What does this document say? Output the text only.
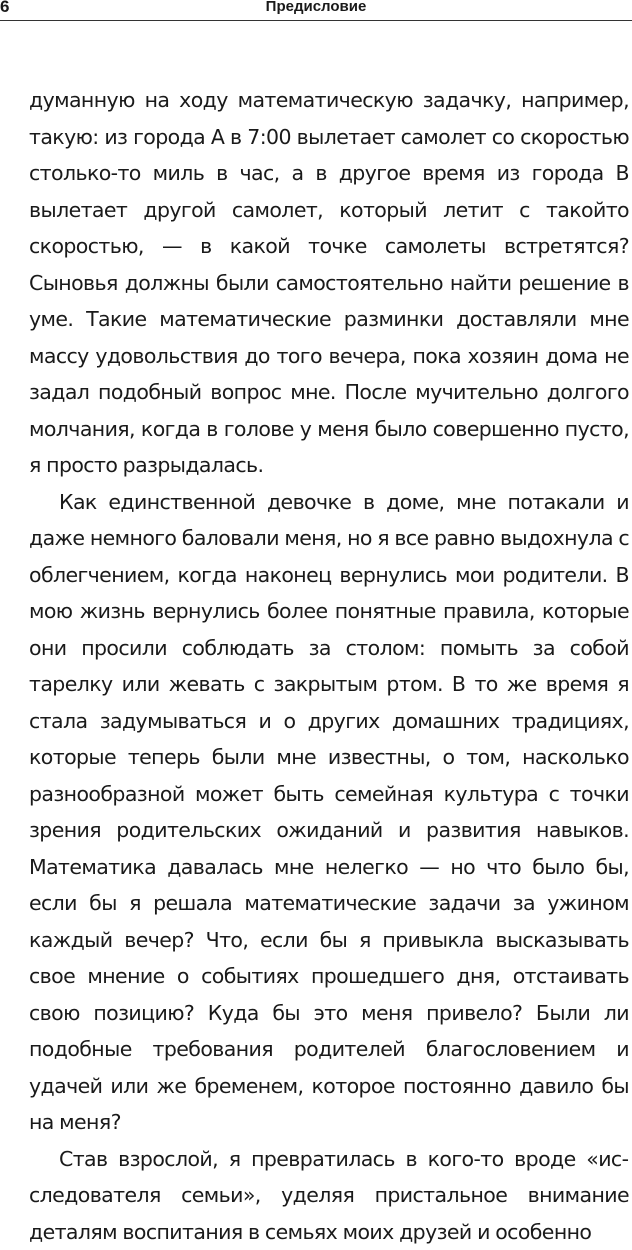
6	Предисловие

думанную на ходу математическую задачку, например, такую: из города А в 7:00 вылетает самолет со скоростью столько-то миль в час, а в другое время из города В вылетает другой самолет, который летит с такойто скоростью, — в какой точке самолеты встретятся? Сыновья должны были самостоятельно найти решение в уме. Такие математические разминки доставляли мне массу удовольствия до того вечера, пока хозяин дома не задал подобный вопрос мне. После мучительно долгого молчания, когда в голове у меня было совершенно пусто, я просто разрыдалась.

Как единственной девочке в доме, мне потакали и даже немного баловали меня, но я все равно выдохнула с облегчением, когда наконец вернулись мои родители. В мою жизнь вернулись более понятные правила, которые они просили соблюдать за столом: помыть за собой тарелку или жевать с закрытым ртом. В то же время я стала задумываться и о других домашних традициях, которые теперь были мне известны, о том, насколько разнообразной может быть семейная культура с точки зрения родительских ожиданий и развития навыков. Математика давалась мне нелегко — но что было бы, если бы я решала математические задачи за ужином каждый вечер? Что, если бы я привыкла высказывать свое мнение о событиях прошедшего дня, отстаивать свою позицию? Куда бы это меня привело? Были ли подобные требования родителей благословением и удачей или же бременем, которое постоянно давило бы на меня?

Став взрослой, я превратилась в кого-то вроде «исследователя семьи», уделяя пристальное внимание деталям воспитания в семьях моих друзей и особенно
